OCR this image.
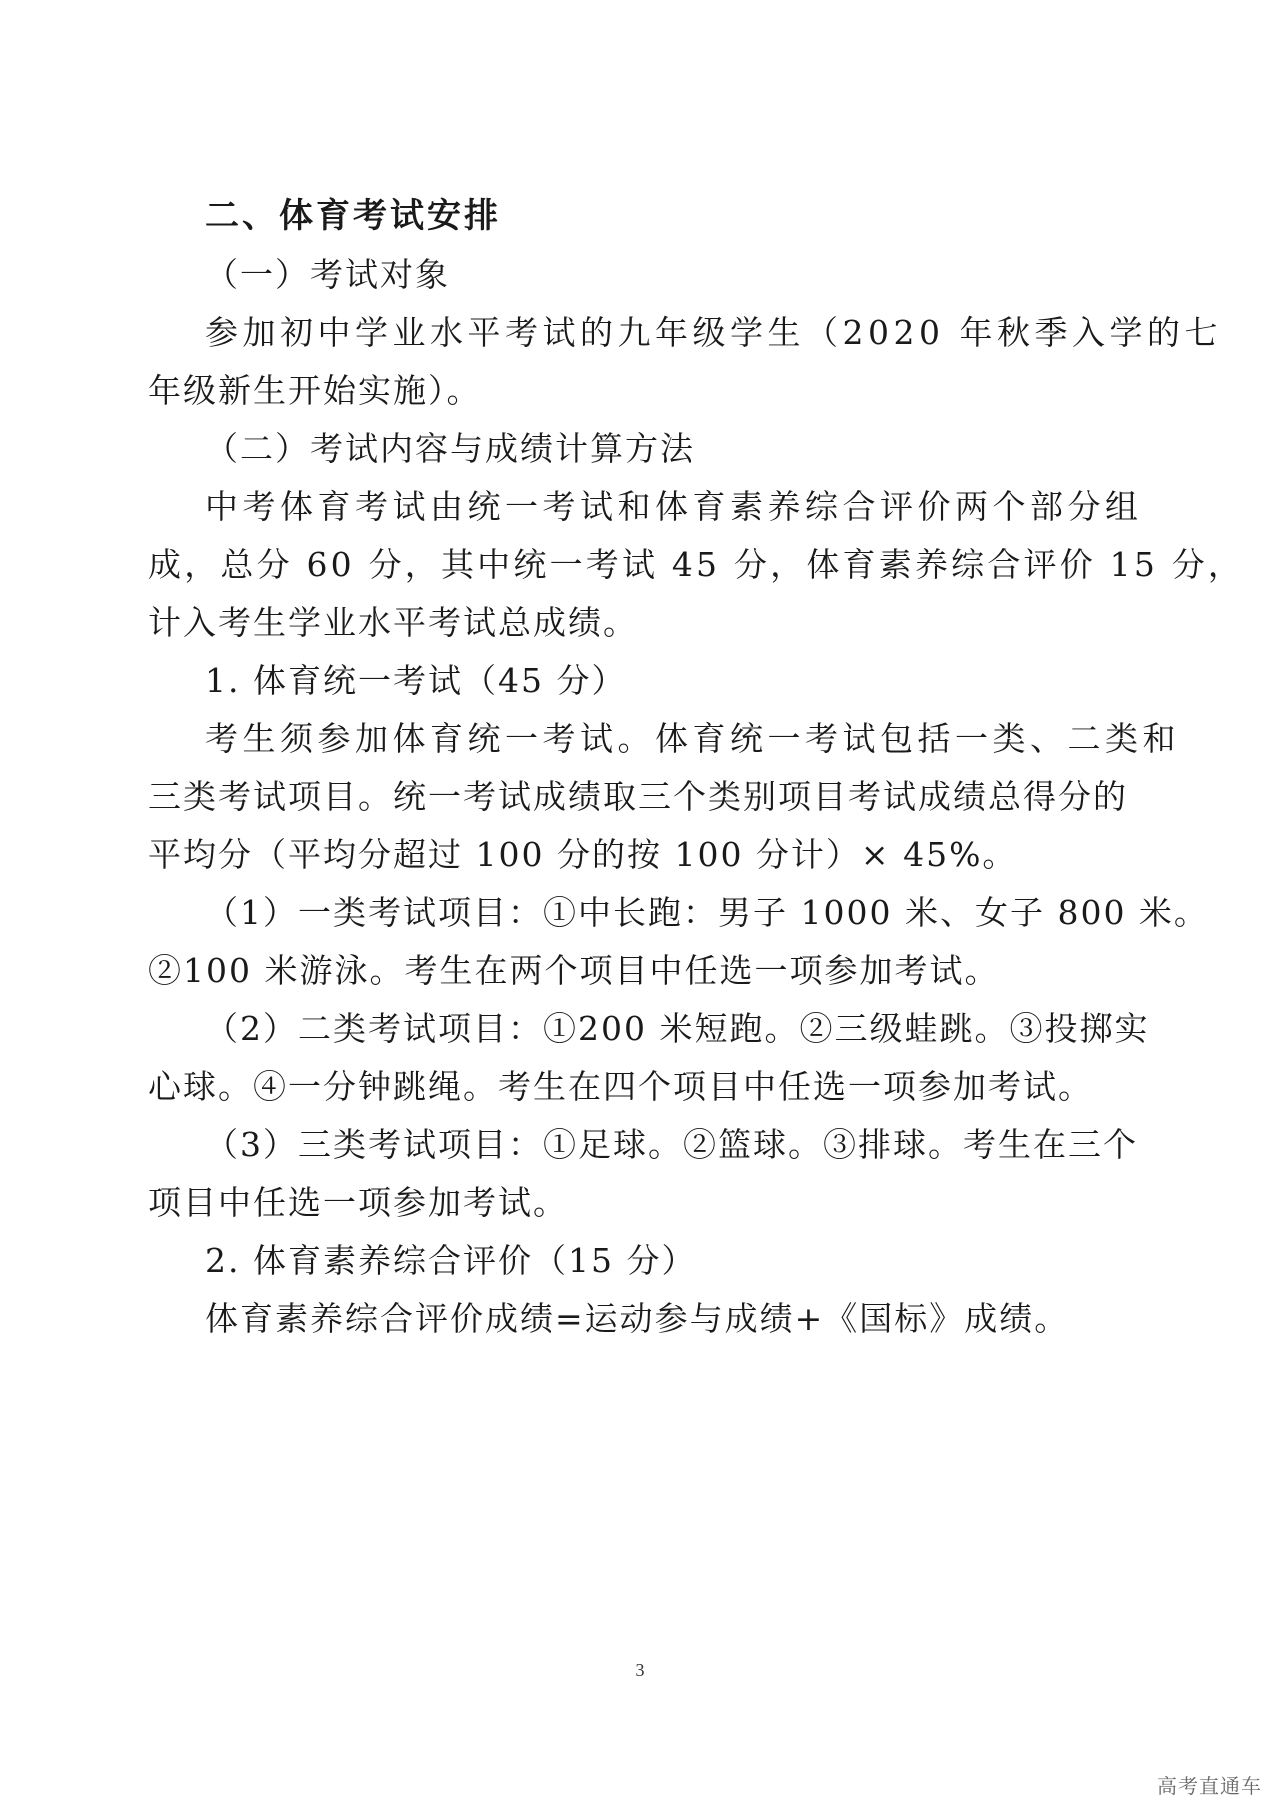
二、体育考试安排
（一）考试对象
参加初中学业水平考试的九年级学生（2020 年秋季入学的七
年级新生开始实施）。
（二）考试内容与成绩计算方法
中考体育考试由统一考试和体育素养综合评价两个部分组
成，总分 60 分，其中统一考试 45 分，体育素养综合评价 15 分，
计入考生学业水平考试总成绩。
1. 体育统一考试（45 分）
考生须参加体育统一考试。体育统一考试包括一类、二类和
三类考试项目。统一考试成绩取三个类别项目考试成绩总得分的
平均分（平均分超过 100 分的按 100 分计）× 45%。
（1）一类考试项目：①中长跑：男子 1000 米、女子 800 米。
②100 米游泳。考生在两个项目中任选一项参加考试。
（2）二类考试项目：①200 米短跑。②三级蛙跳。③投掷实
心球。④一分钟跳绳。考生在四个项目中任选一项参加考试。
（3）三类考试项目：①足球。②篮球。③排球。考生在三个
项目中任选一项参加考试。
2. 体育素养综合评价（15 分）
体育素养综合评价成绩=运动参与成绩+《国标》成绩。
3
高考直通车
